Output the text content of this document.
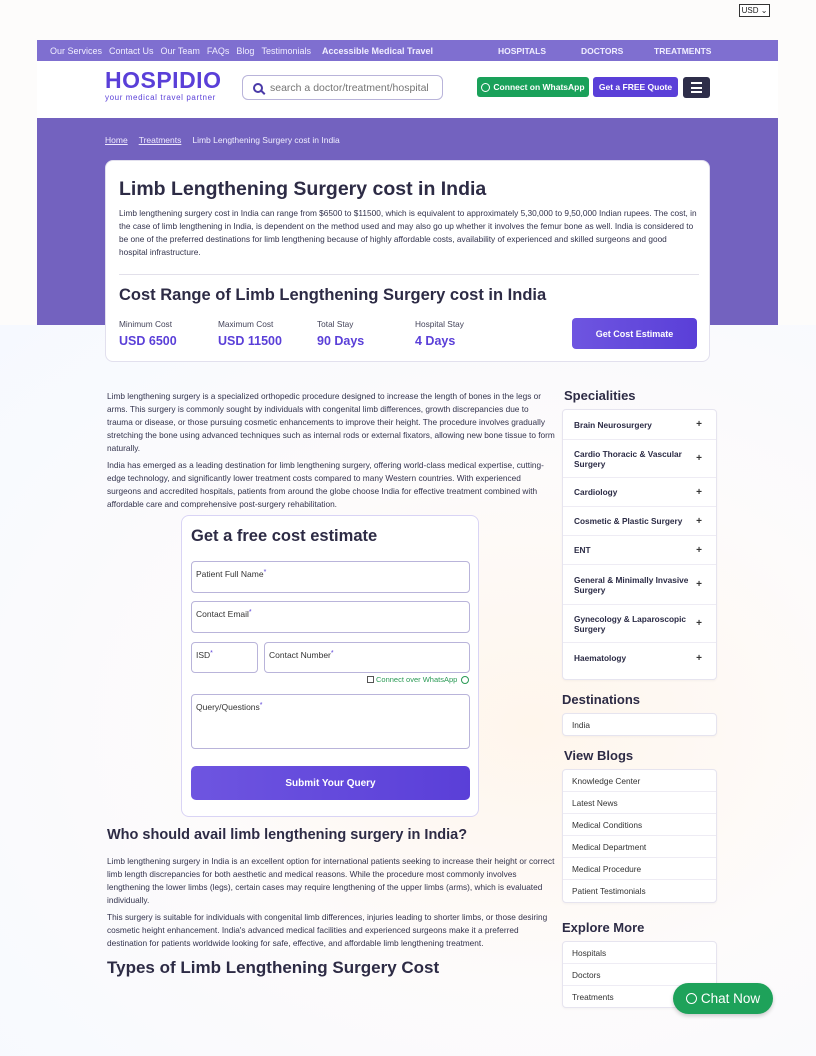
Our Services Contact Us Our Team FAQs Blog Testimonials Accessible Medical Travel	HOSPITALS	DOCTORS	TREATMENTS
USD ⌄
HOSPIDIO
your medical travel partner
search a doctor/treatment/hospital
Connect on WhatsApp	Get a FREE Quote
Home Treatments Limb Lengthening Surgery cost in India
Limb Lengthening Surgery cost in India

Limb lengthening surgery cost in India can range from $6500 to $11500, which is equivalent to approximately 5,30,000 to 9,50,000 Indian rupees. The cost, in the case of limb lengthening in India, is dependent on the method used and may also go up whether it involves the femur bone as well. India is considered to be one of the preferred destinations for limb lengthening because of highly affordable costs, availability of experienced and skilled surgeons and good hospital infrastructure.

Cost Range of Limb Lengthening Surgery cost in India
Minimum Cost
USD 6500
Maximum Cost
USD 11500
Total Stay
90 Days
Hospital Stay
4 Days
Get Cost Estimate

Limb lengthening surgery is a specialized orthopedic procedure designed to increase the length of bones in the legs or arms. This surgery is commonly sought by individuals with congenital limb differences, growth discrepancies due to trauma or disease, or those pursuing cosmetic enhancements to improve their height. The procedure involves gradually stretching the bone using advanced techniques such as internal rods or external fixators, allowing new bone tissue to form naturally.

India has emerged as a leading destination for limb lengthening surgery, offering world-class medical expertise, cutting-edge technology, and significantly lower treatment costs compared to many Western countries. With experienced surgeons and accredited hospitals, patients from around the globe choose India for effective treatment combined with affordable care and comprehensive post-surgery rehabilitation.

Get a free cost estimate
Patient Full Name*
Contact Email*
ISD*	Contact Number*
Connect over WhatsApp
Query/Questions*
Submit Your Query
Who should avail limb lengthening surgery in India?

Limb lengthening surgery in India is an excellent option for international patients seeking to increase their height or correct limb length discrepancies for both aesthetic and medical reasons. While the procedure most commonly involves lengthening the lower limbs (legs), certain cases may require lengthening of the upper limbs (arms), which is evaluated individually.

This surgery is suitable for individuals with congenital limb differences, injuries leading to shorter limbs, or those desiring cosmetic height enhancement. India's advanced medical facilities and experienced surgeons make it a preferred destination for patients worldwide looking for safe, effective, and affordable limb lengthening treatment.

Types of Limb Lengthening Surgery Cost
Specialities
Brain Neurosurgery	+
Cardio Thoracic & Vascular Surgery	+
Cardiology	+
Cosmetic & Plastic Surgery +
ENT	+
General & Minimally Invasive Surgery	+
Gynecology & Laparoscopic Surgery	+
Haematology	+
Destinations
India
View Blogs
Knowledge Center
Latest News
Medical Conditions
Medical Department
Medical Procedure
Patient Testimonials
Explore More
Hospitals
Doctors
Treatments	Chat Now
